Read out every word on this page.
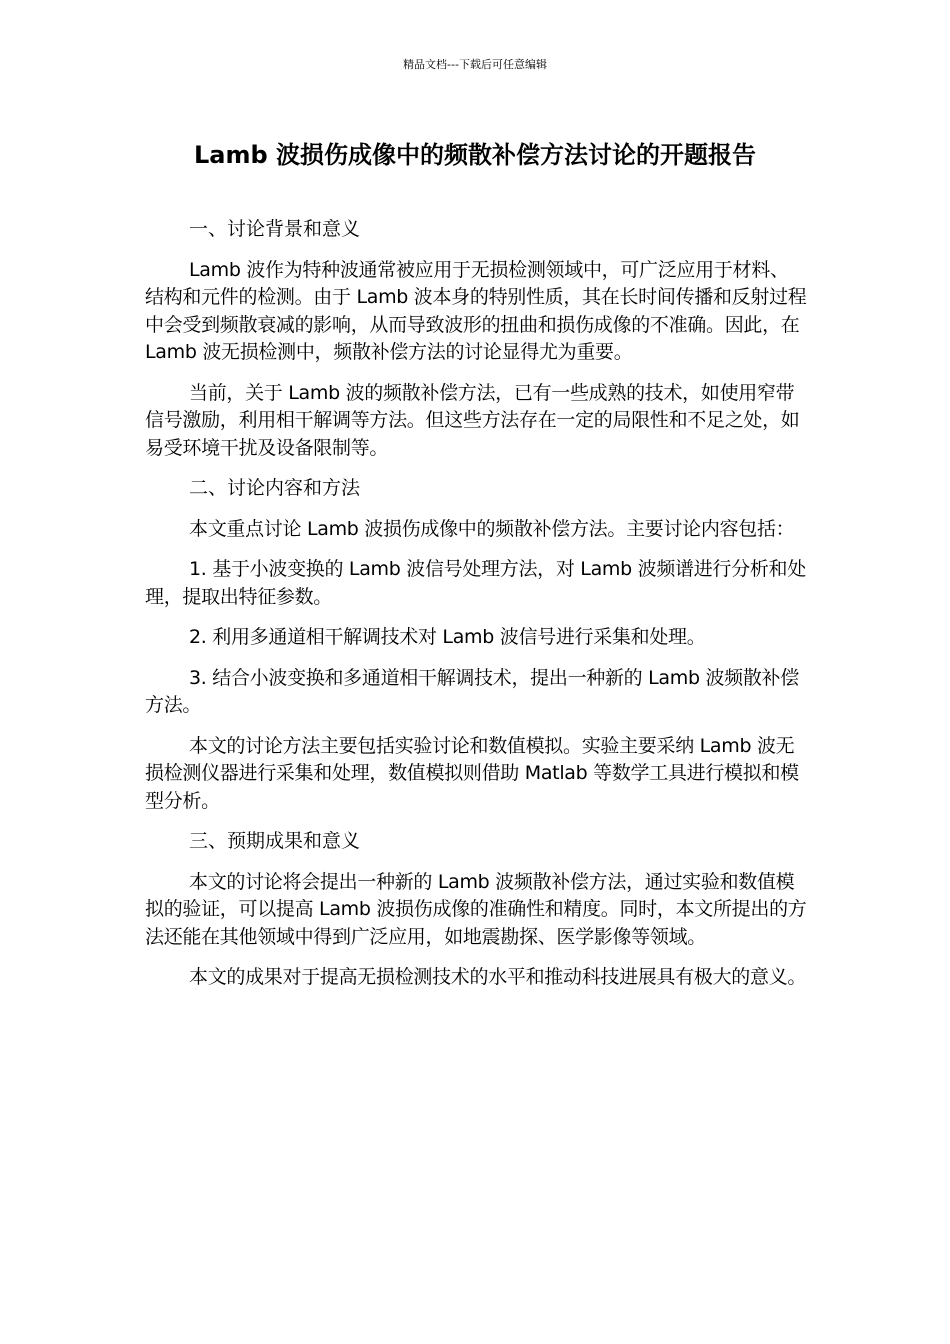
精品文档---下载后可任意编辑
Lamb 波损伤成像中的频散补偿方法讨论的开题报告

一、讨论背景和意义

Lamb 波作为特种波通常被应用于无损检测领域中，可广泛应用于材料、结构和元件的检测。由于 Lamb 波本身的特别性质，其在长时间传播和反射过程中会受到频散衰减的影响，从而导致波形的扭曲和损伤成像的不准确。因此，在 Lamb 波无损检测中，频散补偿方法的讨论显得尤为重要。

当前，关于 Lamb 波的频散补偿方法，已有一些成熟的技术，如使用窄带信号激励，利用相干解调等方法。但这些方法存在一定的局限性和不足之处，如易受环境干扰及设备限制等。

二、讨论内容和方法

本文重点讨论 Lamb 波损伤成像中的频散补偿方法。主要讨论内容包括：

1. 基于小波变换的 Lamb 波信号处理方法，对 Lamb 波频谱进行分析和处理，提取出特征参数。

2. 利用多通道相干解调技术对 Lamb 波信号进行采集和处理。

3. 结合小波变换和多通道相干解调技术，提出一种新的 Lamb 波频散补偿方法。

本文的讨论方法主要包括实验讨论和数值模拟。实验主要采纳 Lamb 波无损检测仪器进行采集和处理，数值模拟则借助 Matlab 等数学工具进行模拟和模型分析。

三、预期成果和意义

本文的讨论将会提出一种新的 Lamb 波频散补偿方法，通过实验和数值模拟的验证，可以提高 Lamb 波损伤成像的准确性和精度。同时，本文所提出的方法还能在其他领域中得到广泛应用，如地震勘探、医学影像等领域。

本文的成果对于提高无损检测技术的水平和推动科技进展具有极大的意义。
